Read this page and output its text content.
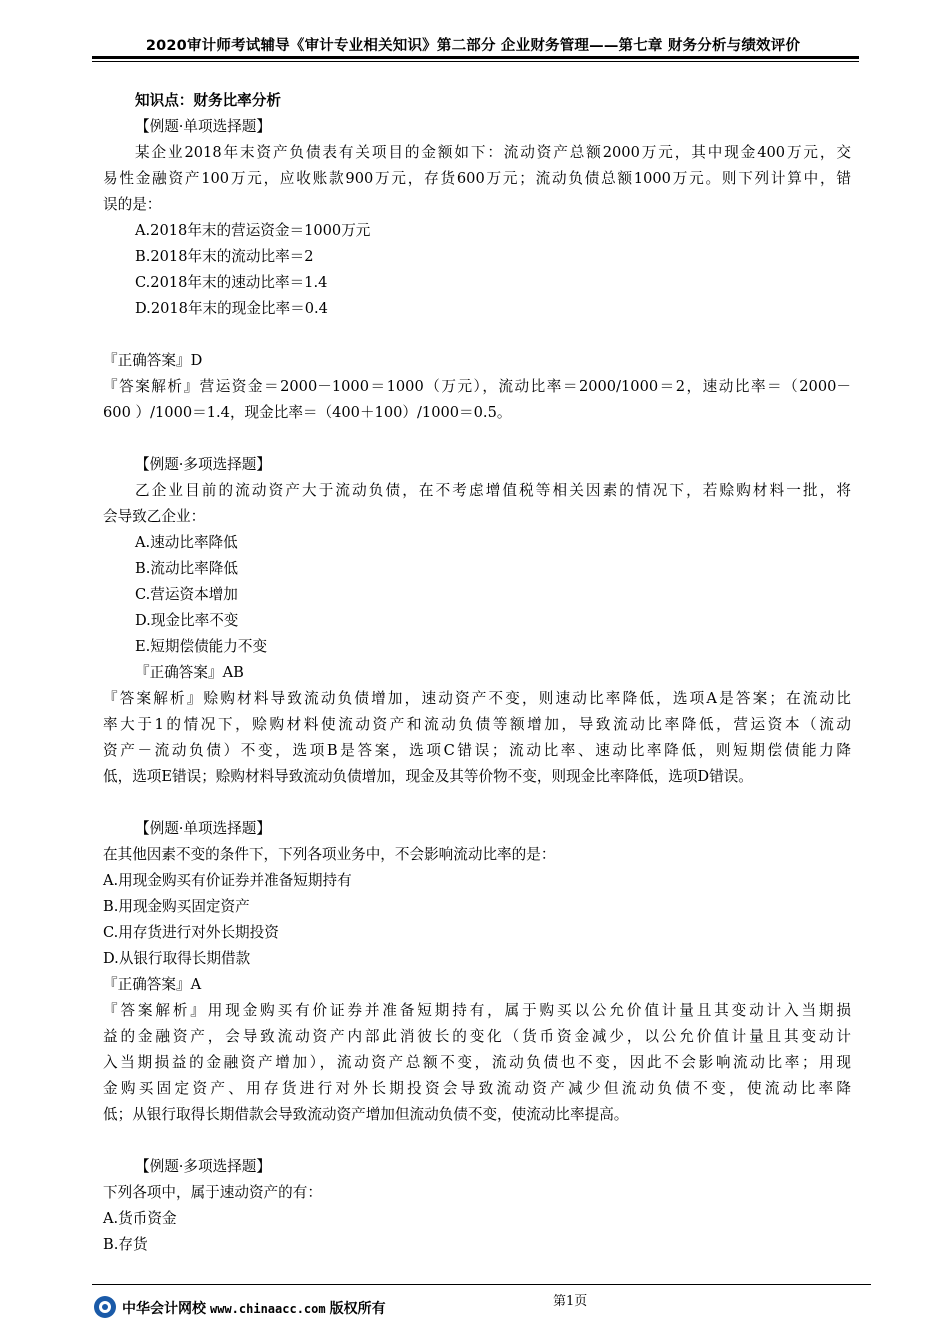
2020审计师考试辅导《审计专业相关知识》第二部分 企业财务管理——第七章 财务分析与绩效评价
知识点：财务比率分析
【例题·单项选择题】
某企业2018年末资产负债表有关项目的金额如下：流动资产总额2000万元，其中现金400万元，交
易性金融资产100万元，应收账款900万元，存货600万元；流动负债总额1000万元。则下列计算中，错
误的是：
A.2018年末的营运资金＝1000万元
B.2018年末的流动比率＝2
C.2018年末的速动比率＝1.4
D.2018年末的现金比率＝0.4
『正确答案』D
『答案解析』营运资金＝2000－1000＝1000（万元），流动比率＝2000/1000＝2，速动比率＝（2000－
600 ）/1000＝1.4，现金比率＝（400＋100）/1000＝0.5。
【例题·多项选择题】
乙企业目前的流动资产大于流动负债，在不考虑增值税等相关因素的情况下，若赊购材料一批，将
会导致乙企业：
A.速动比率降低
B.流动比率降低
C.营运资本增加
D.现金比率不变
E.短期偿债能力不变
『正确答案』AB
『答案解析』赊购材料导致流动负债增加，速动资产不变，则速动比率降低，选项A是答案；在流动比
率大于1的情况下，赊购材料使流动资产和流动负债等额增加，导致流动比率降低，营运资本（流动
资产－流动负债）不变，选项B是答案，选项C错误；流动比率、速动比率降低，则短期偿债能力降
低，选项E错误；赊购材料导致流动负债增加，现金及其等价物不变，则现金比率降低，选项D错误。
【例题·单项选择题】
在其他因素不变的条件下，下列各项业务中，不会影响流动比率的是：
A.用现金购买有价证券并准备短期持有
B.用现金购买固定资产
C.用存货进行对外长期投资
D.从银行取得长期借款
『正确答案』A
『答案解析』用现金购买有价证券并准备短期持有，属于购买以公允价值计量且其变动计入当期损
益的金融资产，会导致流动资产内部此消彼长的变化（货币资金减少，以公允价值计量且其变动计
入当期损益的金融资产增加），流动资产总额不变，流动负债也不变，因此不会影响流动比率；用现
金购买固定资产、用存货进行对外长期投资会导致流动资产减少但流动负债不变，使流动比率降
低；从银行取得长期借款会导致流动资产增加但流动负债不变，使流动比率提高。
【例题·多项选择题】
下列各项中，属于速动资产的有：
A.货币资金
B.存货
第1页
中华会计网校 www.chinaacc.com 版权所有
